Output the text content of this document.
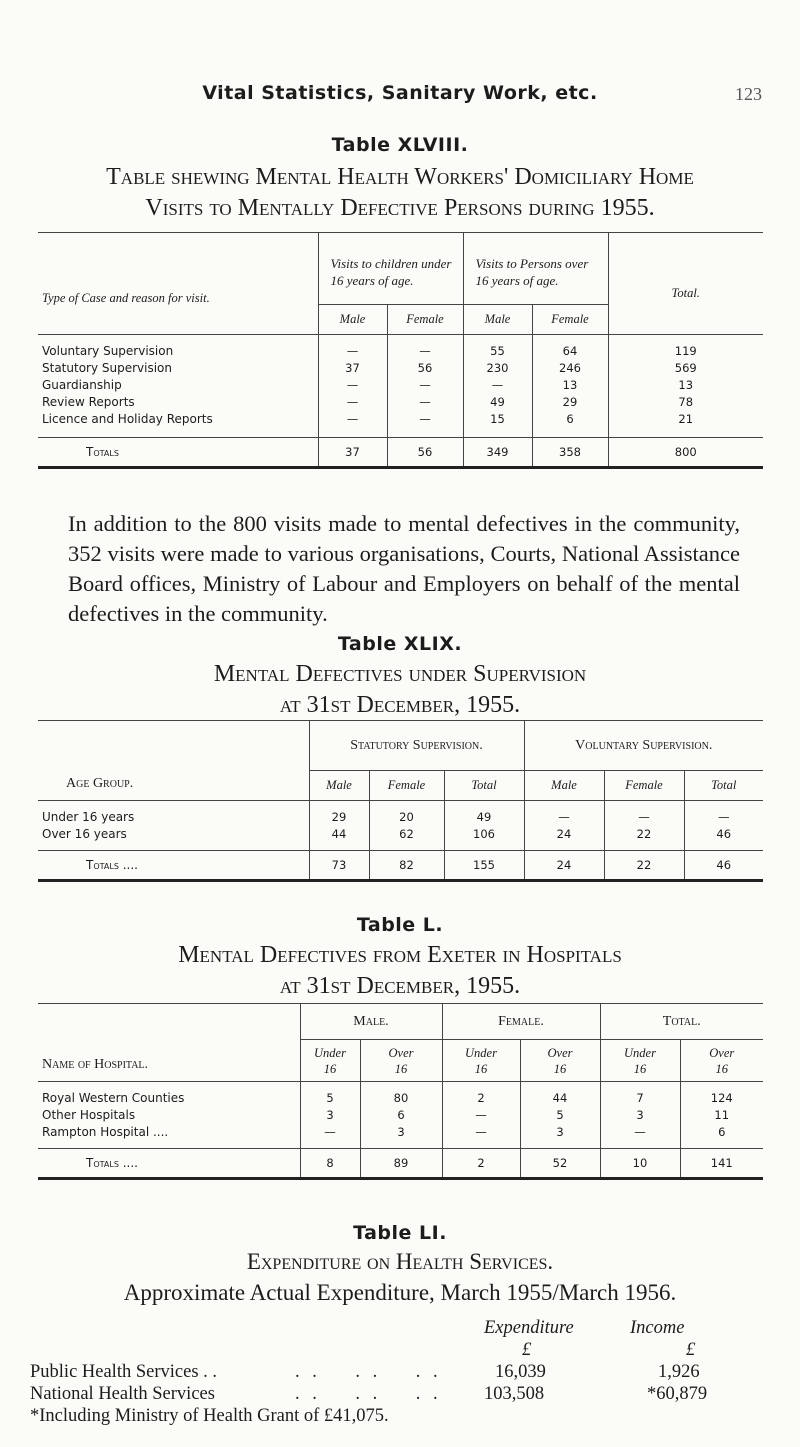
Vital Statistics, Sanitary Work, etc.	123
Table XLVIII.
Table shewing Mental Health Workers' Domiciliary Home
Visits to Mentally Defective Persons during 1955.
Type of Case and reason for visit.	Visits to children under 16 years of age.		Visits to Persons over 16 years of age.		Total.
	Male	Female	Male	Female	

Voluntary Supervision	—	—	55	64	119
Statutory Supervision	37	56	230	246	569
Guardianship	—	—	—	13	13
Review Reports	—	—	49	29	78
Licence and Holiday Reports	—	—	15	6	21

Totals	37	56	349	358	800
In addition to the 800 visits made to mental defectives in the community, 352 visits were made to various organisations, Courts, National Assistance Board offices, Ministry of Labour and Employers on behalf of the mental defectives in the community.
Table XLIX.
Mental Defectives under Supervision
at 31st December, 1955.
Age Group.	Statutory Supervision.			Voluntary Supervision.		
	Male	Female	Total	Male	Female	Total

Under 16 years	29	20	49	—	—	—
Over 16 years	44	62	106	24	22	46

Totals ....	73	82	155	24	22	46
Table L.
Mental Defectives from Exeter in Hospitals
at 31st December, 1955.
Name of Hospital.	Male.		Female.		Total.	
	Under 16	Over 16	Under 16	Over 16	Under 16	Over 16

Royal Western Counties	5	80	2	44	7	124
Other Hospitals	3	6	—	5	3	11
Rampton Hospital ....	—	3	—	3	—	6

Totals ....	8	89	2	52	10	141
Table LI.
Expenditure on Health Services.
Approximate Actual Expenditure, March 1955/March 1956.
Expenditure	Income
£	£
Public Health Services . .	. .    . .    . .	16,039	1,926
National Health Services	. .    . .    . . 103,508	*60,879
*Including Ministry of Health Grant of £41,075.
